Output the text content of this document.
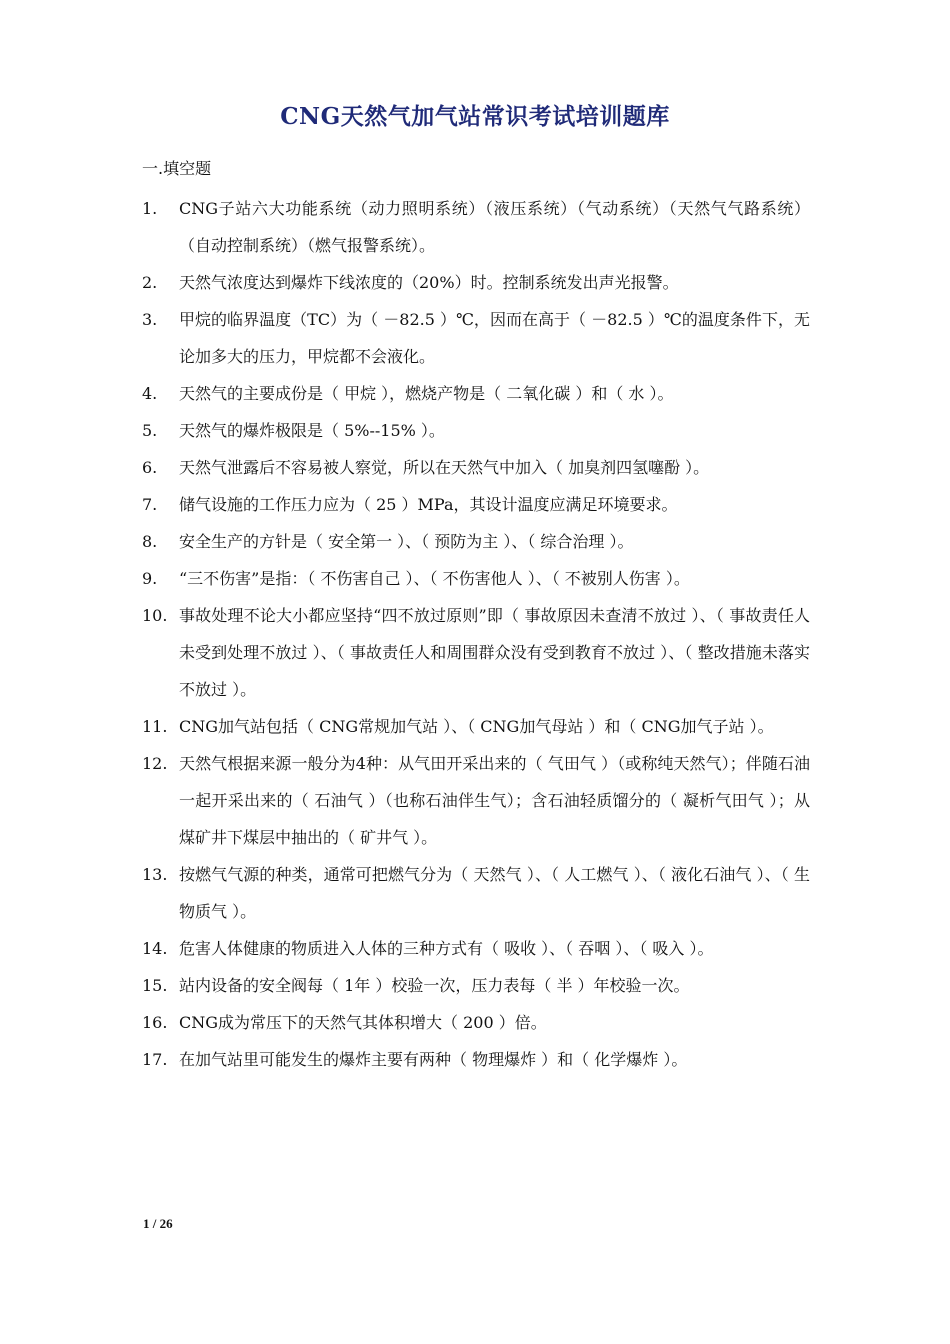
CNG天然气加气站常识考试培训题库
一.填空题
1.	CNG子站六大功能系统（动力照明系统）（液压系统）（气动系统）（天然气气路系统）（自动控制系统）（燃气报警系统）。
2.	天然气浓度达到爆炸下线浓度的（20%）时。控制系统发出声光报警。
3.	甲烷的临界温度（TC）为（ －82.5 ）℃，因而在高于（ －82.5 ）℃的温度条件下，无论加多大的压力，甲烷都不会液化。
4.	天然气的主要成份是（ 甲烷 ），燃烧产物是（ 二氧化碳 ）和（ 水 ）。
5.	天然气的爆炸极限是（ 5%--15% ）。
6.	天然气泄露后不容易被人察觉，所以在天然气中加入（ 加臭剂四氢噻酚 ）。
7.	储气设施的工作压力应为（ 25 ）MPa，其设计温度应满足环境要求。
8.	安全生产的方针是（ 安全第一 ）、（ 预防为主 ）、（ 综合治理 ）。
9.	“三不伤害”是指：（ 不伤害自己 ）、（ 不伤害他人 ）、（ 不被别人伤害 ）。
10. 事故处理不论大小都应坚持“四不放过原则”即（ 事故原因未查清不放过 ）、（ 事故责任人未受到处理不放过 ）、（ 事故责任人和周围群众没有受到教育不放过 ）、（ 整改措施未落实不放过 ）。
11. CNG加气站包括（ CNG常规加气站 ）、（ CNG加气母站 ）和（ CNG加气子站 ）。
12. 天然气根据来源一般分为4种：从气田开采出来的（ 气田气 ）（或称纯天然气）；伴随石油一起开采出来的（ 石油气 ）（也称石油伴生气）；含石油轻质馏分的（ 凝析气田气 ）；从煤矿井下煤层中抽出的（ 矿井气 ）。
13. 按燃气气源的种类，通常可把燃气分为（ 天然气 ）、（ 人工燃气 ）、（ 液化石油气 ）、（ 生物质气 ）。
14. 危害人体健康的物质进入人体的三种方式有（ 吸收 ）、（ 吞咽 ）、（ 吸入 ）。
15. 站内设备的安全阀每（ 1年 ）校验一次，压力表每（ 半 ）年校验一次。
16. CNG成为常压下的天然气其体积增大（ 200 ）倍。
17. 在加气站里可能发生的爆炸主要有两种（ 物理爆炸 ）和（ 化学爆炸 ）。
1 / 26
